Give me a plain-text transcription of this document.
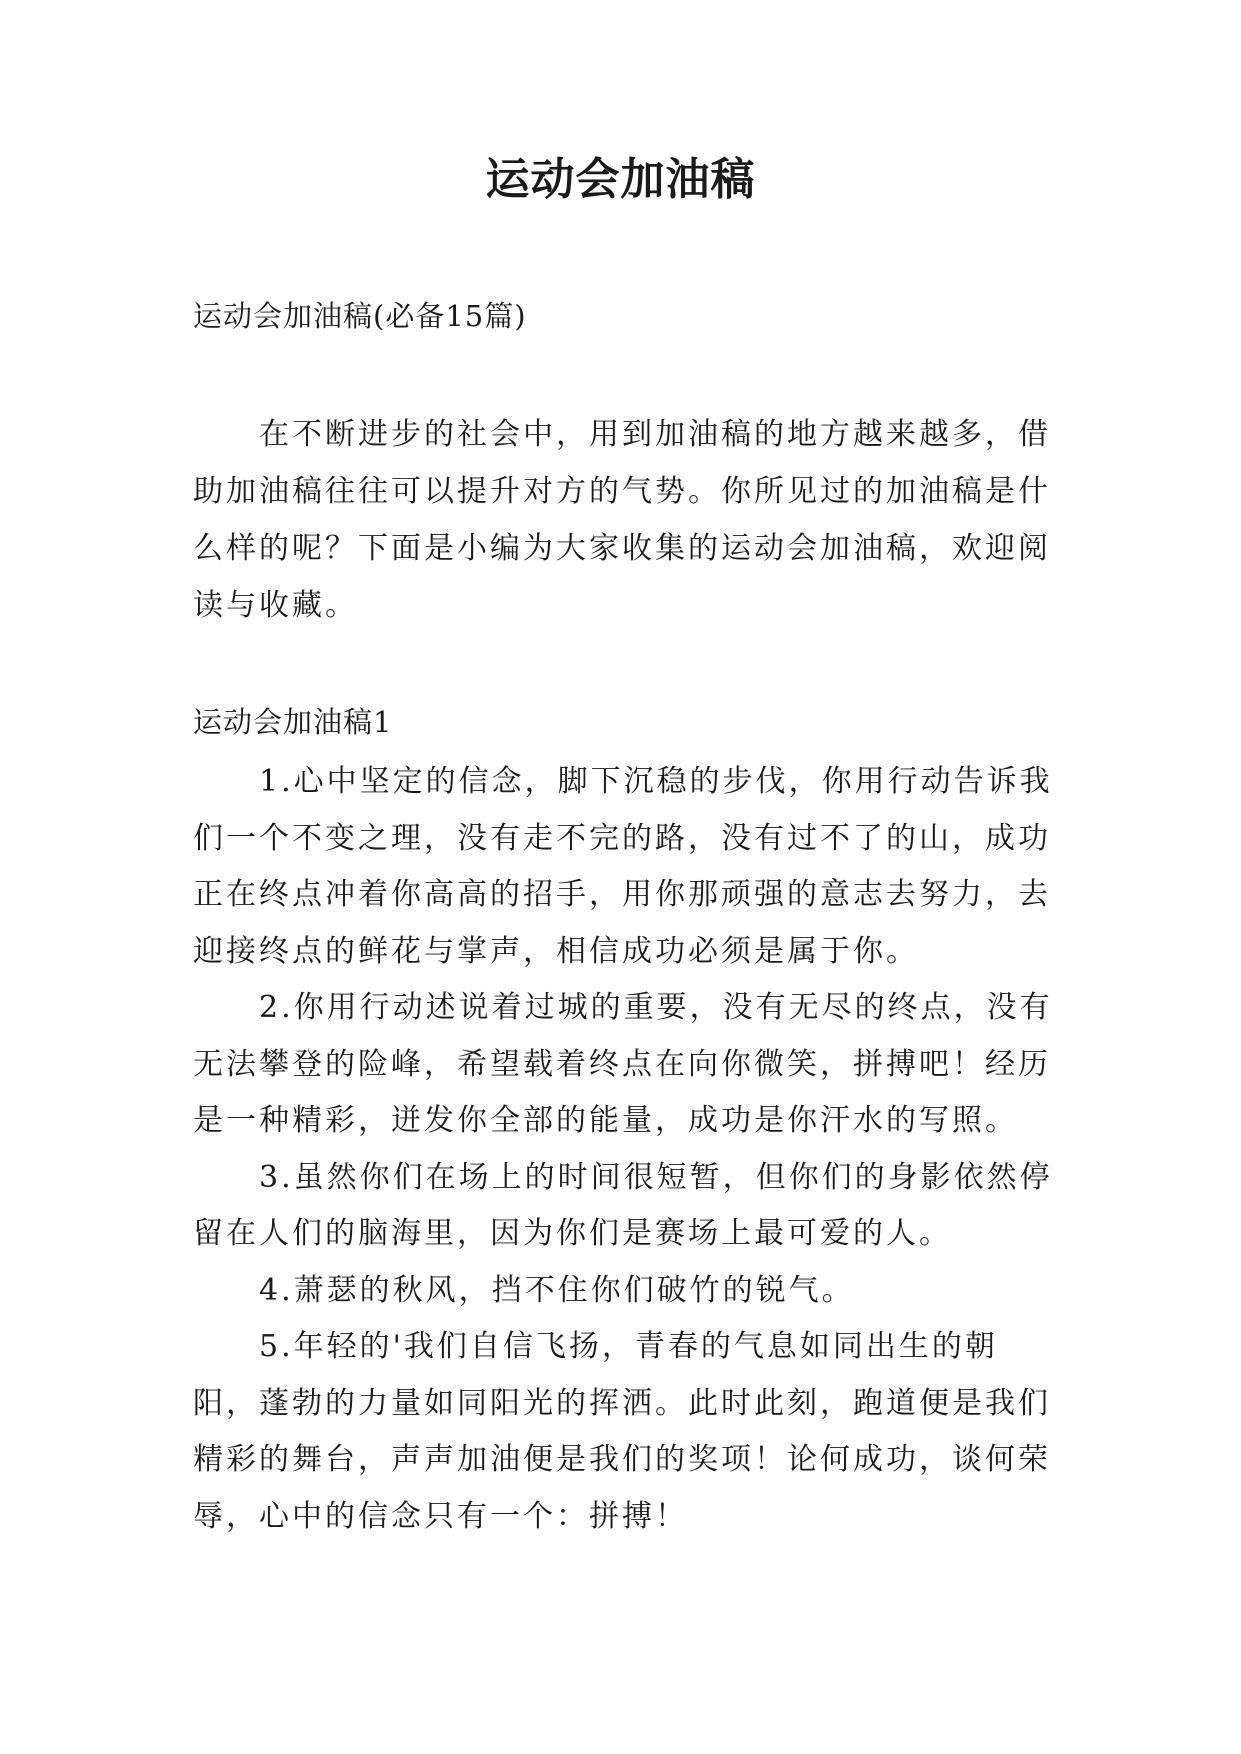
运动会加油稿
运动会加油稿(必备15篇)

在不断进步的社会中，用到加油稿的地方越来越多，借助加油稿往往可以提升对方的气势。你所见过的加油稿是什么样的呢？下面是小编为大家收集的运动会加油稿，欢迎阅读与收藏。

运动会加油稿1

1.心中坚定的信念，脚下沉稳的步伐，你用行动告诉我们一个不变之理，没有走不完的路，没有过不了的山，成功正在终点冲着你高高的招手，用你那顽强的意志去努力，去迎接终点的鲜花与掌声，相信成功必须是属于你。

2.你用行动述说着过城的重要，没有无尽的终点，没有无法攀登的险峰，希望载着终点在向你微笑，拼搏吧！经历是一种精彩，迸发你全部的能量，成功是你汗水的写照。

3.虽然你们在场上的时间很短暂，但你们的身影依然停留在人们的脑海里，因为你们是赛场上最可爱的人。

4.萧瑟的秋风，挡不住你们破竹的锐气。

5.年轻的'我们自信飞扬，青春的气息如同出生的朝阳，蓬勃的力量如同阳光的挥洒。此时此刻，跑道便是我们精彩的舞台，声声加油便是我们的奖项！论何成功，谈何荣辱，心中的信念只有一个：拼搏！
